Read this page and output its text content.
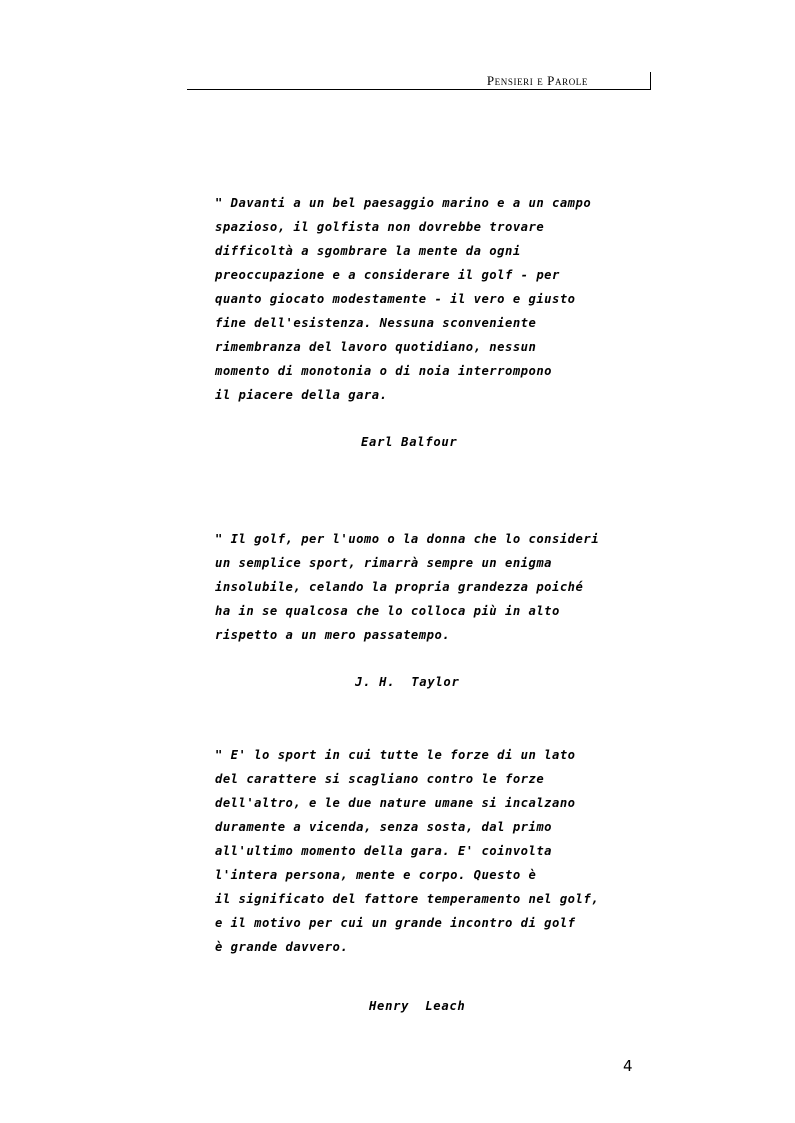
Pensieri e Parole
" Davanti a un bel paesaggio marino e a un campo
spazioso, il golfista non dovrebbe trovare
difficoltà a sgombrare la mente da ogni
preoccupazione e a considerare il golf - per
quanto giocato modestamente - il vero e giusto
fine dell'esistenza. Nessuna sconveniente
rimembranza del lavoro quotidiano, nessun
momento di monotonia o di noia interrompono
il piacere della gara.
Earl Balfour
" Il golf, per l'uomo o la donna che lo consideri
un semplice sport, rimarrà sempre un enigma
insolubile, celando la propria grandezza poiché
ha in se qualcosa che lo colloca più in alto
rispetto a un mero passatempo.
J. H.  Taylor
" E' lo sport in cui tutte le forze di un lato
del carattere si scagliano contro le forze
dell'altro, e le due nature umane si incalzano
duramente a vicenda, senza sosta, dal primo
all'ultimo momento della gara. E' coinvolta
l'intera persona, mente e corpo. Questo è
il significato del fattore temperamento nel golf,
e il motivo per cui un grande incontro di golf
è grande davvero.
Henry  Leach
4
